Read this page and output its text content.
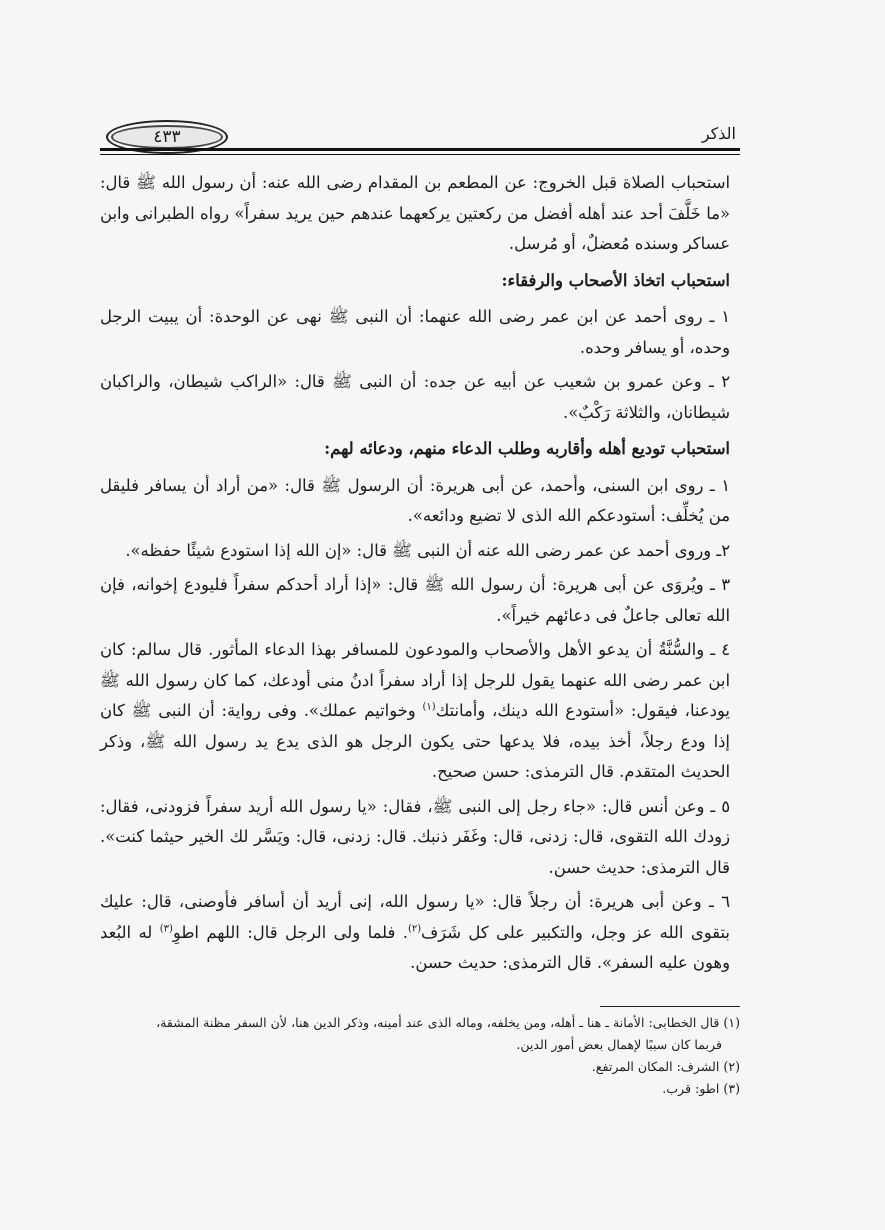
٤٣٣	الذكر

استحباب الصلاة قبل الخروج: عن المطعم بن المقدام رضى الله عنه: أن رسول الله ﷺ قال: «ما خَلَّفَ أحد عند أهله أفضل من ركعتين يركعهما عندهم حين يريد سفراً» رواه الطبرانى وابن عساكر وسنده مُعضلٌ، أو مُرسل.

استحباب اتخاذ الأصحاب والرفقاء:

١ ـ روى أحمد عن ابن عمر رضى الله عنهما: أن النبى ﷺ نهى عن الوحدة: أن يبيت الرجل وحده، أو يسافر وحده.

٢ ـ وعن عمرو بن شعيب عن أبيه عن جده: أن النبى ﷺ قال: «الراكب شيطان، والراكبان شيطانان، والثلاثة رَكْبٌ».

استحباب توديع أهله وأقاربه وطلب الدعاء منهم، ودعائه لهم:

١ ـ روى ابن السنى، وأحمد، عن أبى هريرة: أن الرسول ﷺ قال: «من أراد أن يسافر فليقل من يُخلِّف: أستودعكم الله الذى لا تضيع ودائعه».

٢ـ وروى أحمد عن عمر رضى الله عنه أن النبى ﷺ قال: «إن الله إذا استودع شيئًا حفظه».

٣ ـ ويُروَى عن أبى هريرة: أن رسول الله ﷺ قال: «إذا أراد أحدكم سفراً فليودع إخوانه، فإن الله تعالى جاعلٌ فى دعائهم خيراً».

٤ ـ والسُّنَّةُ أن يدعو الأهل والأصحاب والمودعون للمسافر بهذا الدعاء المأثور. قال سالم: كان ابن عمر رضى الله عنهما يقول للرجل إذا أراد سفراً ادنُ منى أودعك، كما كان رسول الله ﷺ يودعنا، فيقول: «أستودع الله دينك، وأمانتك$^{(١)}$ وخواتيم عملك». وفى رواية: أن النبى ﷺ كان إذا ودع رجلاً، أخذ بيده، فلا يدعها حتى يكون الرجل هو الذى يدع يد رسول الله ﷺ، وذكر الحديث المتقدم. قال الترمذى: حسن صحيح.

٥ ـ وعن أنس قال: «جاء رجل إلى النبى ﷺ، فقال: «يا رسول الله أريد سفراً فزودنى، فقال: زودك الله التقوى، قال: زدنى، قال: وغَفَر ذنبك. قال: زدنى، قال: ويَسَّر لك الخير حيثما كنت». قال الترمذى: حديث حسن.

٦ ـ وعن أبى هريرة: أن رجلاً قال: «يا رسول الله، إنى أريد أن أسافر فأوصنى، قال: عليك بتقوى الله عز وجل، والتكبير على كل شَرَف$^{(٢)}$. فلما ولى الرجل قال: اللهم اطوِ$^{(٣)}$ له البُعد وهون عليه السفر». قال الترمذى: حديث حسن.

(١) قال الخطابى: الأمانة ـ هنا ـ أهله، ومن يخلفه، وماله الذى عند أمينه، وذكر الدين هنا، لأن السفر مظنة المشقة،

فربما كان سببًا لإهمال بعض أمور الدين.

(٢) الشرف: المكان المرتفع.

(٣) اطو: قرب.
